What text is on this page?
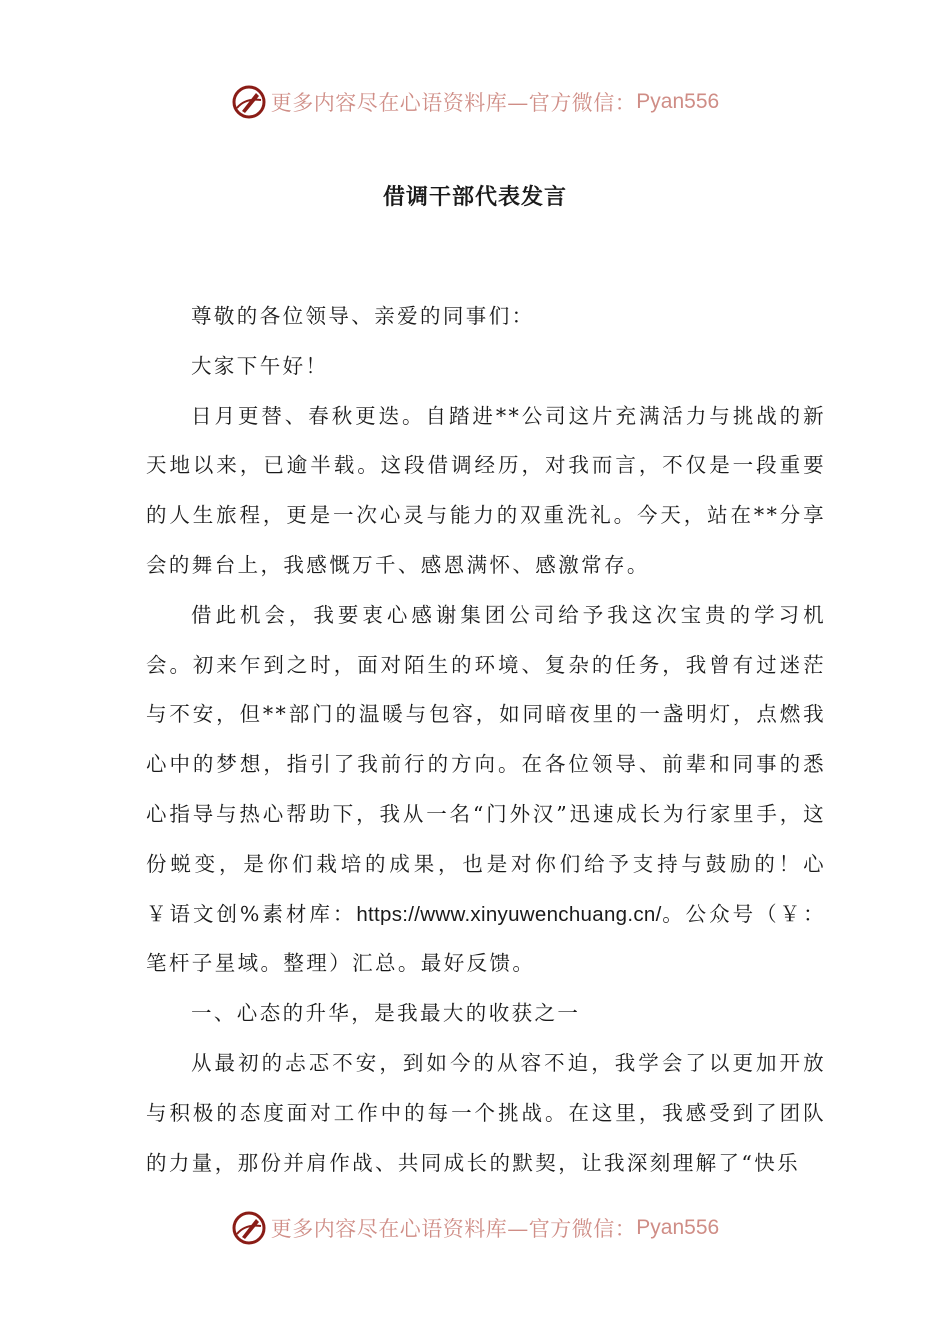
更多内容尽在心语资料库—官方微信： Pyan556
借调干部代表发言

尊敬的各位领导、亲爱的同事们：

大家下午好！

日月更替、春秋更迭。自踏进**公司这片充满活力与挑战的新天地以来，已逾半载。这段借调经历，对我而言，不仅是一段重要的人生旅程，更是一次心灵与能力的双重洗礼。今天，站在**分享会的舞台上，我感慨万千、感恩满怀、感激常存。

借此机会，我要衷心感谢集团公司给予我这次宝贵的学习机会。初来乍到之时，面对陌生的环境、复杂的任务，我曾有过迷茫与不安，但**部门的温暖与包容，如同暗夜里的一盏明灯，点燃我心中的梦想，指引了我前行的方向。在各位领导、前辈和同事的悉心指导与热心帮助下，我从一名“门外汉”迅速成长为行家里手，这份蜕变，是你们栽培的成果，也是对你们给予支持与鼓励的！心￥语文创%素材库：https://www.xinyuwenchuang.cn/。公众号（￥：笔杆子星域。整理）汇总。最好反馈。

一、心态的升华，是我最大的收获之一

从最初的忐忑不安，到如今的从容不迫，我学会了以更加开放与积极的态度面对工作中的每一个挑战。在这里，我感受到了团队的力量，那份并肩作战、共同成长的默契，让我深刻理解了“快乐

更多内容尽在心语资料库—官方微信： Pyan556
